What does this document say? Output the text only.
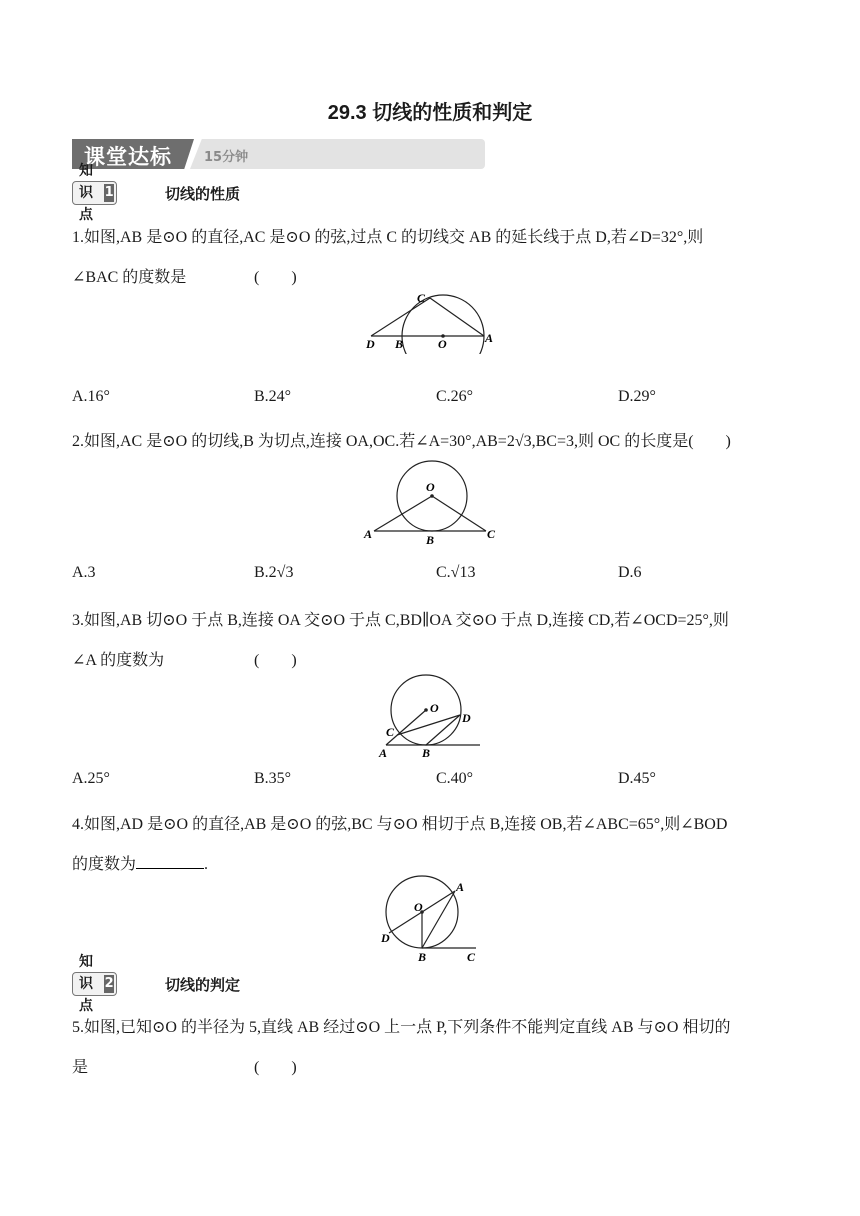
29.3 切线的性质和判定
课堂达标 15分钟
知识点
1	切线的性质
1.如图,AB 是⊙O 的直径,AC 是⊙O 的弦,过点 C 的切线交 AB 的延长线于点 D,若∠D=32°,则
∠BAC 的度数是	(　　)
C
D B	O	A
A.16°	B.24°	C.26°	D.29°
2.如图,AC 是⊙O 的切线,B 为切点,连接 OA,OC.若∠A=30°,AB=2√3,BC=3,则 OC 的长度是(　　)
O
A	B	C
A.3	B.2√3	C.√13	D.6
3.如图,AB 切⊙O 于点 B,连接 OA 交⊙O 于点 C,BD∥OA 交⊙O 于点 D,连接 CD,若∠OCD=25°,则
∠A 的度数为	(　　)
O
D
C
A	B
A.25°	B.35°	C.40°	D.45°
4.如图,AD 是⊙O 的直径,AB 是⊙O 的弦,BC 与⊙O 相切于点 B,连接 OB,若∠ABC=65°,则∠BOD
的度数为	.
A
O
D
B	C
知识点
2	切线的判定
5.如图,已知⊙O 的半径为 5,直线 AB 经过⊙O 上一点 P,下列条件不能判定直线 AB 与⊙O 相切的
是	(　　)
